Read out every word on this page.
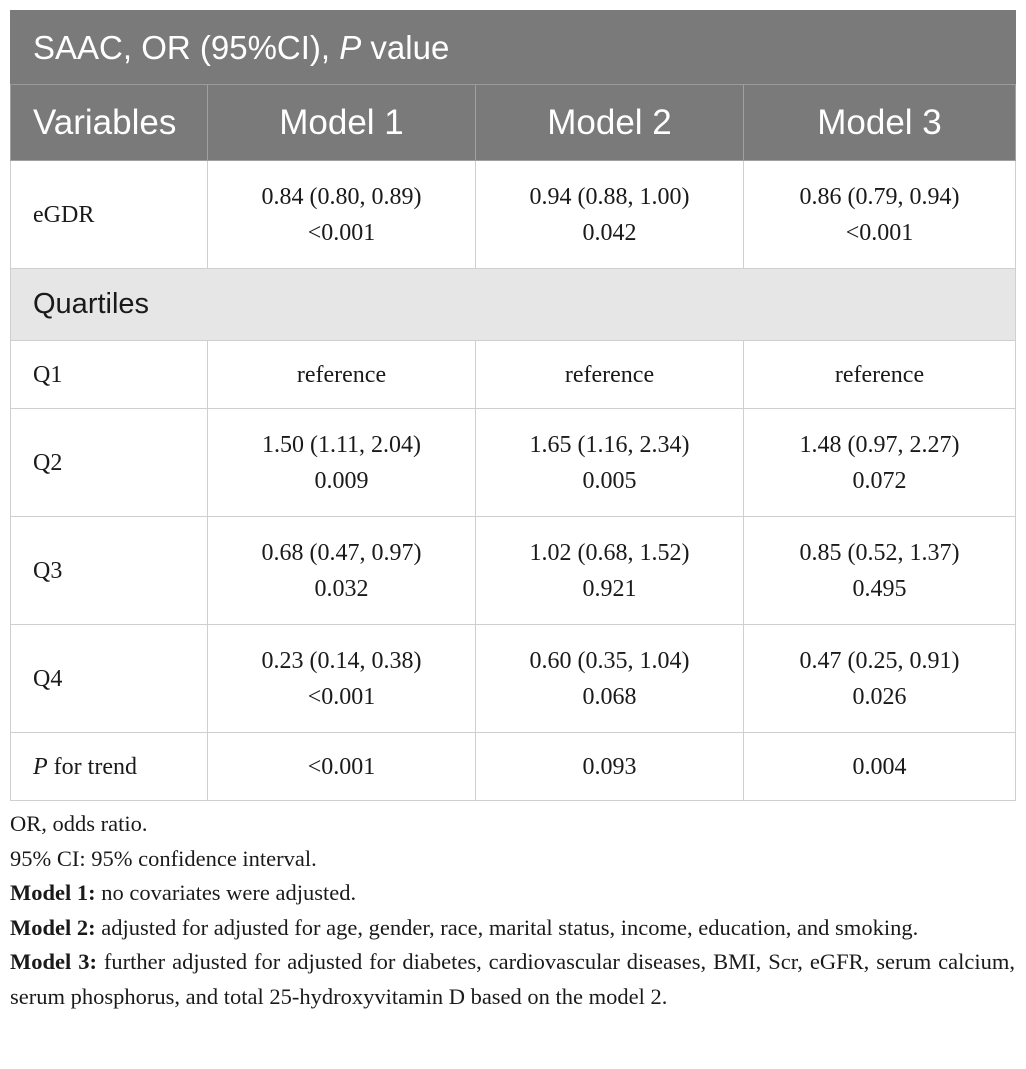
SAAC, OR (95%CI), P value			
Variables	Model 1	Model 2	Model 3
eGDR	0.84 (0.80, 0.89) <0.001	0.94 (0.88, 1.00) 0.042	0.86 (0.79, 0.94) <0.001
Quartiles			
Q1	reference	reference	reference
Q2	1.50 (1.11, 2.04) 0.009	1.65 (1.16, 2.34) 0.005	1.48 (0.97, 2.27) 0.072
Q3	0.68 (0.47, 0.97) 0.032	1.02 (0.68, 1.52) 0.921	0.85 (0.52, 1.37) 0.495
Q4	0.23 (0.14, 0.38) <0.001	0.60 (0.35, 1.04) 0.068	0.47 (0.25, 0.91) 0.026
P for trend	<0.001	0.093	0.004

OR, odds ratio.

95% CI: 95% confidence interval.

Model 1: no covariates were adjusted.

Model 2: adjusted for adjusted for age, gender, race, marital status, income, education, and smoking.

Model 3: further adjusted for adjusted for diabetes, cardiovascular diseases, BMI, Scr, eGFR, serum calcium, serum phosphorus, and total 25-hydroxyvitamin D based on the model 2.
